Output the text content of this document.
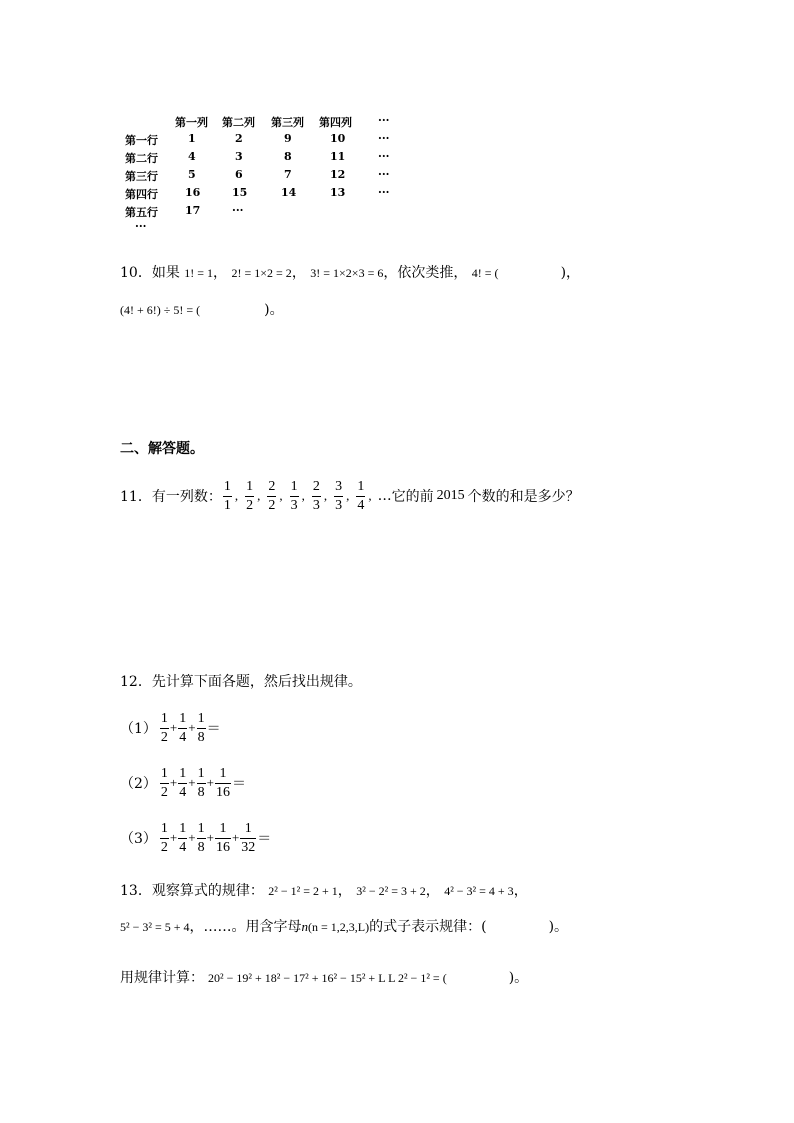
第一列 第二列 第三列 第四列 ···
第一行	1	2	9	10	···
第二行	4	3	8	11	···
第三行	5	6	7	12	···
第四行 16	15	14	13	···
第五行 17	···
···
10．如果 1! = 1， 2! = 1×2 = 2， 3! = 1×2×3 = 6，依次类推， 4! = (	)，
(4! + 6!) ÷ 5! = (	)。
二、解答题。
11． 有一列数： $\frac{1}{1}$ , $\frac{1}{2}$ , $\frac{2}{2}$ , $\frac{1}{3}$ , $\frac{2}{3}$ , $\frac{3}{3}$ , $\frac{1}{4}$ , … 它的前 2015 个数的和是多少？
12．先计算下面各题，然后找出规律。
$(1) \frac{1}{2} + \frac{1}{4} + \frac{1}{8}$ ＝
$(2) \frac{1}{2} + \frac{1}{4} + \frac{1}{8} + \frac{1}{16}$ ＝
$(3) \frac{1}{2} + \frac{1}{4} + \frac{1}{8} + \frac{1}{16} + \frac{1}{32}$ ＝
13．观察算式的规律： 2² − 1² = 2 + 1， 3² − 2² = 3 + 2， 4² − 3² = 4 + 3，
5² − 3² = 5 + 4，……。用含字母n(n = 1,2,3,L)的式子表示规律：(	)。
用规律计算： 20² − 19² + 18² − 17² + 16² − 15² + L L 2² − 1² = (	)。
